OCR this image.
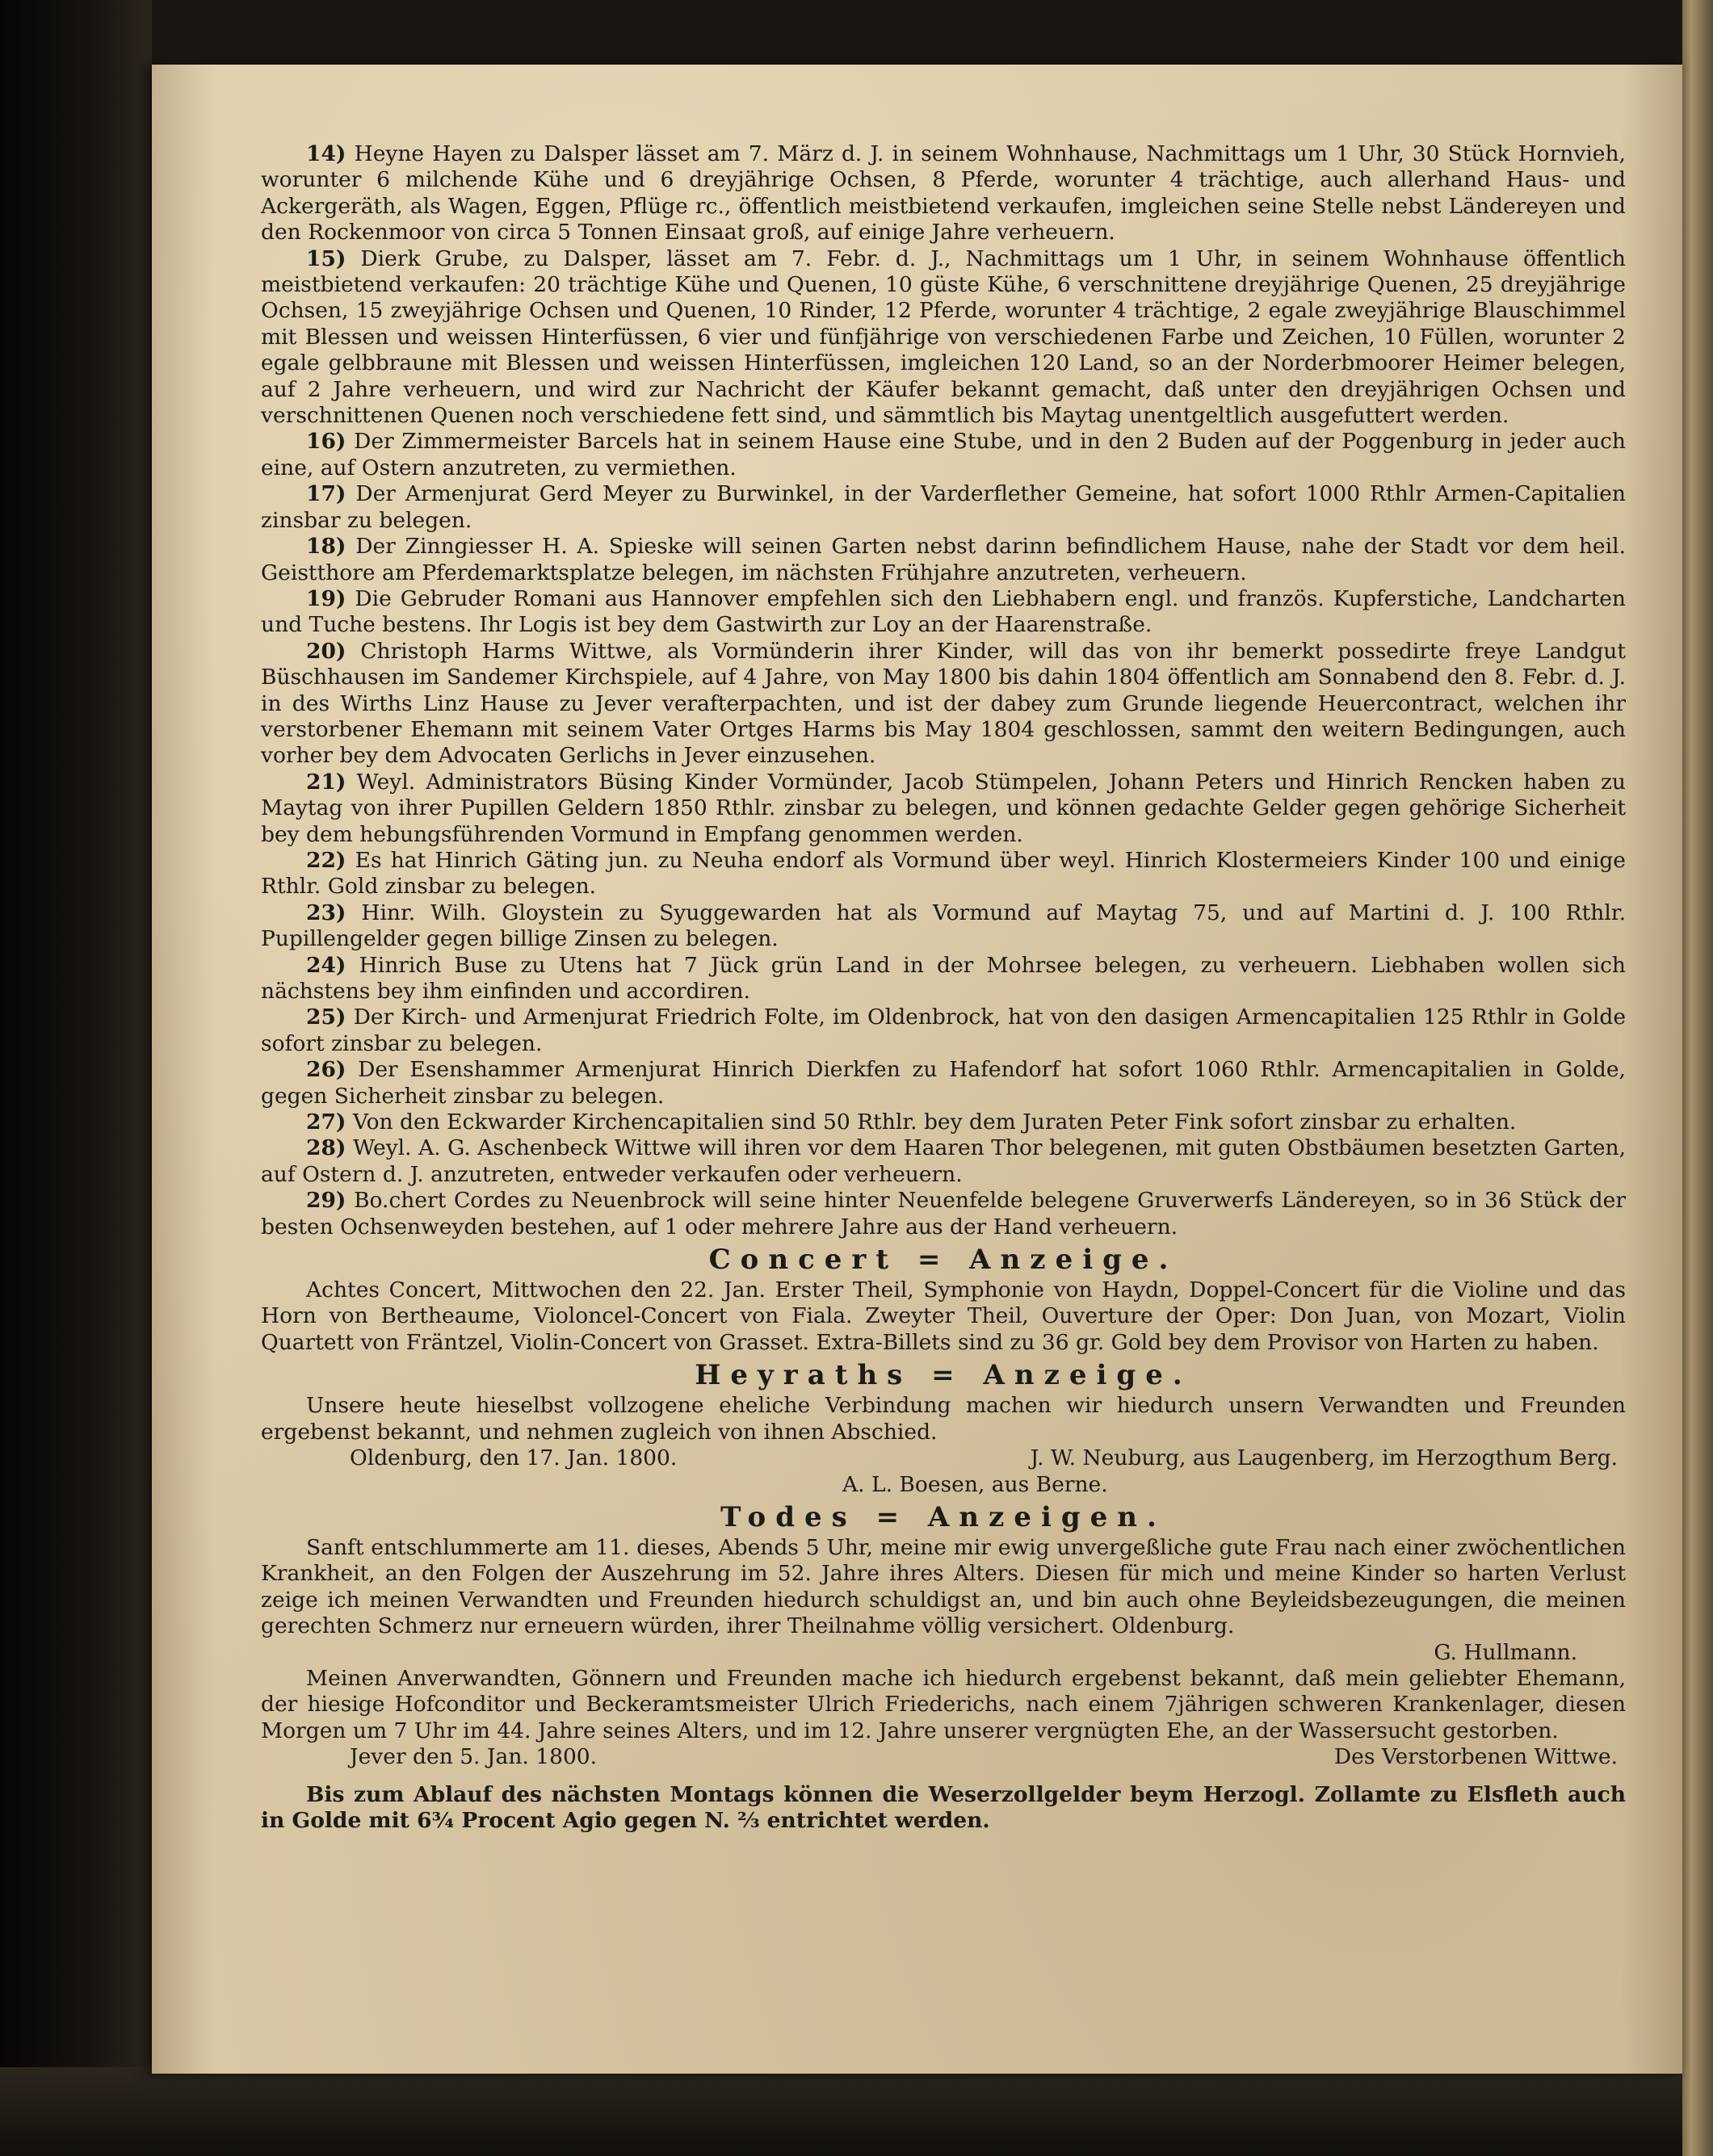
14) Heyne Hayen zu Dalsper lässet am 7. März d. J. in seinem Wohnhause, Nachmittags um 1 Uhr, 30 Stück Hornvieh, worunter 6 milchende Kühe und 6 dreyjährige Ochsen, 8 Pferde, worunter 4 trächtige, auch allerhand Haus- und Ackergeräth, als Wagen, Eggen, Pflüge rc., öffentlich meistbietend verkaufen, imgleichen seine Stelle nebst Ländereyen und den Rockenmoor von circa 5 Tonnen Einsaat groß, auf einige Jahre verheuern.

15) Dierk Grube, zu Dalsper, lässet am 7. Febr. d. J., Nachmittags um 1 Uhr, in seinem Wohnhause öffentlich meistbietend verkaufen: 20 trächtige Kühe und Quenen, 10 güste Kühe, 6 verschnittene dreyjährige Quenen, 25 dreyjährige Ochsen, 15 zweyjährige Ochsen und Quenen, 10 Rinder, 12 Pferde, worunter 4 trächtige, 2 egale zweyjährige Blauschimmel mit Blessen und weissen Hinterfüssen, 6 vier und fünfjährige von verschiedenen Farbe und Zeichen, 10 Füllen, worunter 2 egale gelbbraune mit Blessen und weissen Hinterfüssen, imgleichen 120 Land, so an der Norderbmoorer Heimer belegen, auf 2 Jahre verheuern, und wird zur Nachricht der Käufer bekannt gemacht, daß unter den dreyjährigen Ochsen und verschnittenen Quenen noch verschiedene fett sind, und sämmtlich bis Maytag unentgeltlich ausgefuttert werden.

16) Der Zimmermeister Barcels hat in seinem Hause eine Stube, und in den 2 Buden auf der Poggenburg in jeder auch eine, auf Ostern anzutreten, zu vermiethen.

17) Der Armenjurat Gerd Meyer zu Burwinkel, in der Varderflether Gemeine, hat sofort 1000 Rthlr Armen-Capitalien zinsbar zu belegen.

18) Der Zinngiesser H. A. Spieske will seinen Garten nebst darinn befindlichem Hause, nahe der Stadt vor dem heil. Geistthore am Pferdemarktsplatze belegen, im nächsten Frühjahre anzutreten, verheuern.

19) Die Gebruder Romani aus Hannover empfehlen sich den Liebhabern engl. und französ. Kupferstiche, Landcharten und Tuche bestens. Ihr Logis ist bey dem Gastwirth zur Loy an der Haarenstraße.

20) Christoph Harms Wittwe, als Vormünderin ihrer Kinder, will das von ihr bemerkt possedirte freye Landgut Büschhausen im Sandemer Kirchspiele, auf 4 Jahre, von May 1800 bis dahin 1804 öffentlich am Sonnabend den 8. Febr. d. J. in des Wirths Linz Hause zu Jever verafterpachten, und ist der dabey zum Grunde liegende Heuercontract, welchen ihr verstorbener Ehemann mit seinem Vater Ortges Harms bis May 1804 geschlossen, sammt den weitern Bedingungen, auch vorher bey dem Advocaten Gerlichs in Jever einzusehen.

21) Weyl. Administrators Büsing Kinder Vormünder, Jacob Stümpelen, Johann Peters und Hinrich Rencken haben zu Maytag von ihrer Pupillen Geldern 1850 Rthlr. zinsbar zu belegen, und können gedachte Gelder gegen gehörige Sicherheit bey dem hebungsführenden Vormund in Empfang genommen werden.

22) Es hat Hinrich Gäting jun. zu Neuha endorf als Vormund über weyl. Hinrich Klostermeiers Kinder 100 und einige Rthlr. Gold zinsbar zu belegen.

23) Hinr. Wilh. Gloystein zu Syuggewarden hat als Vormund auf Maytag 75, und auf Martini d. J. 100 Rthlr. Pupillengelder gegen billige Zinsen zu belegen.

24) Hinrich Buse zu Utens hat 7 Jück grün Land in der Mohrsee belegen, zu verheuern. Liebhaben wollen sich nächstens bey ihm einfinden und accordiren.

25) Der Kirch- und Armenjurat Friedrich Folte, im Oldenbrock, hat von den dasigen Armencapitalien 125 Rthlr in Golde sofort zinsbar zu belegen.

26) Der Esenshammer Armenjurat Hinrich Dierkfen zu Hafendorf hat sofort 1060 Rthlr. Armencapitalien in Golde, gegen Sicherheit zinsbar zu belegen.

27) Von den Eckwarder Kirchencapitalien sind 50 Rthlr. bey dem Juraten Peter Fink sofort zinsbar zu erhalten.

28) Weyl. A. G. Aschenbeck Wittwe will ihren vor dem Haaren Thor belegenen, mit guten Obstbäumen besetzten Garten, auf Ostern d. J. anzutreten, entweder verkaufen oder verheuern.

29) Bo.chert Cordes zu Neuenbrock will seine hinter Neuenfelde belegene Gruverwerfs Ländereyen, so in 36 Stück der besten Ochsenweyden bestehen, auf 1 oder mehrere Jahre aus der Hand verheuern.

Concert = Anzeige.

Achtes Concert, Mittwochen den 22. Jan. Erster Theil, Symphonie von Haydn, Doppel-Concert für die Violine und das Horn von Bertheaume, Violoncel-Concert von Fiala. Zweyter Theil, Ouverture der Oper: Don Juan, von Mozart, Violin Quartett von Fräntzel, Violin-Concert von Grasset. Extra-Billets sind zu 36 gr. Gold bey dem Provisor von Harten zu haben.

Heyraths = Anzeige.

Unsere heute hieselbst vollzogene eheliche Verbindung machen wir hiedurch unsern Verwandten und Freunden ergebenst bekannt, und nehmen zugleich von ihnen Abschied.

Oldenburg, den 17. Jan. 1800.	J. W. Neuburg, aus Laugenberg, im Herzogthum Berg.
A. L. Boesen, aus Berne.
Todes = Anzeigen.

Sanft entschlummerte am 11. dieses, Abends 5 Uhr, meine mir ewig unvergeßliche gute Frau nach einer zwöchentlichen Krankheit, an den Folgen der Auszehrung im 52. Jahre ihres Alters. Diesen für mich und meine Kinder so harten Verlust zeige ich meinen Verwandten und Freunden hiedurch schuldigst an, und bin auch ohne Beyleidsbezeugungen, die meinen gerechten Schmerz nur erneuern würden, ihrer Theilnahme völlig versichert. Oldenburg.

G. Hullmann.

Meinen Anverwandten, Gönnern und Freunden mache ich hiedurch ergebenst bekannt, daß mein geliebter Ehemann, der hiesige Hofconditor und Beckeramtsmeister Ulrich Friederichs, nach einem 7jährigen schweren Krankenlager, diesen Morgen um 7 Uhr im 44. Jahre seines Alters, und im 12. Jahre unserer vergnügten Ehe, an der Wassersucht gestorben.

Jever den 5. Jan. 1800.	Des Verstorbenen Wittwe.

Bis zum Ablauf des nächsten Montags können die Weserzollgelder beym Herzogl. Zollamte zu Elsfleth auch in Golde mit 6¾ Procent Agio gegen N. ⅔ entrichtet werden.
